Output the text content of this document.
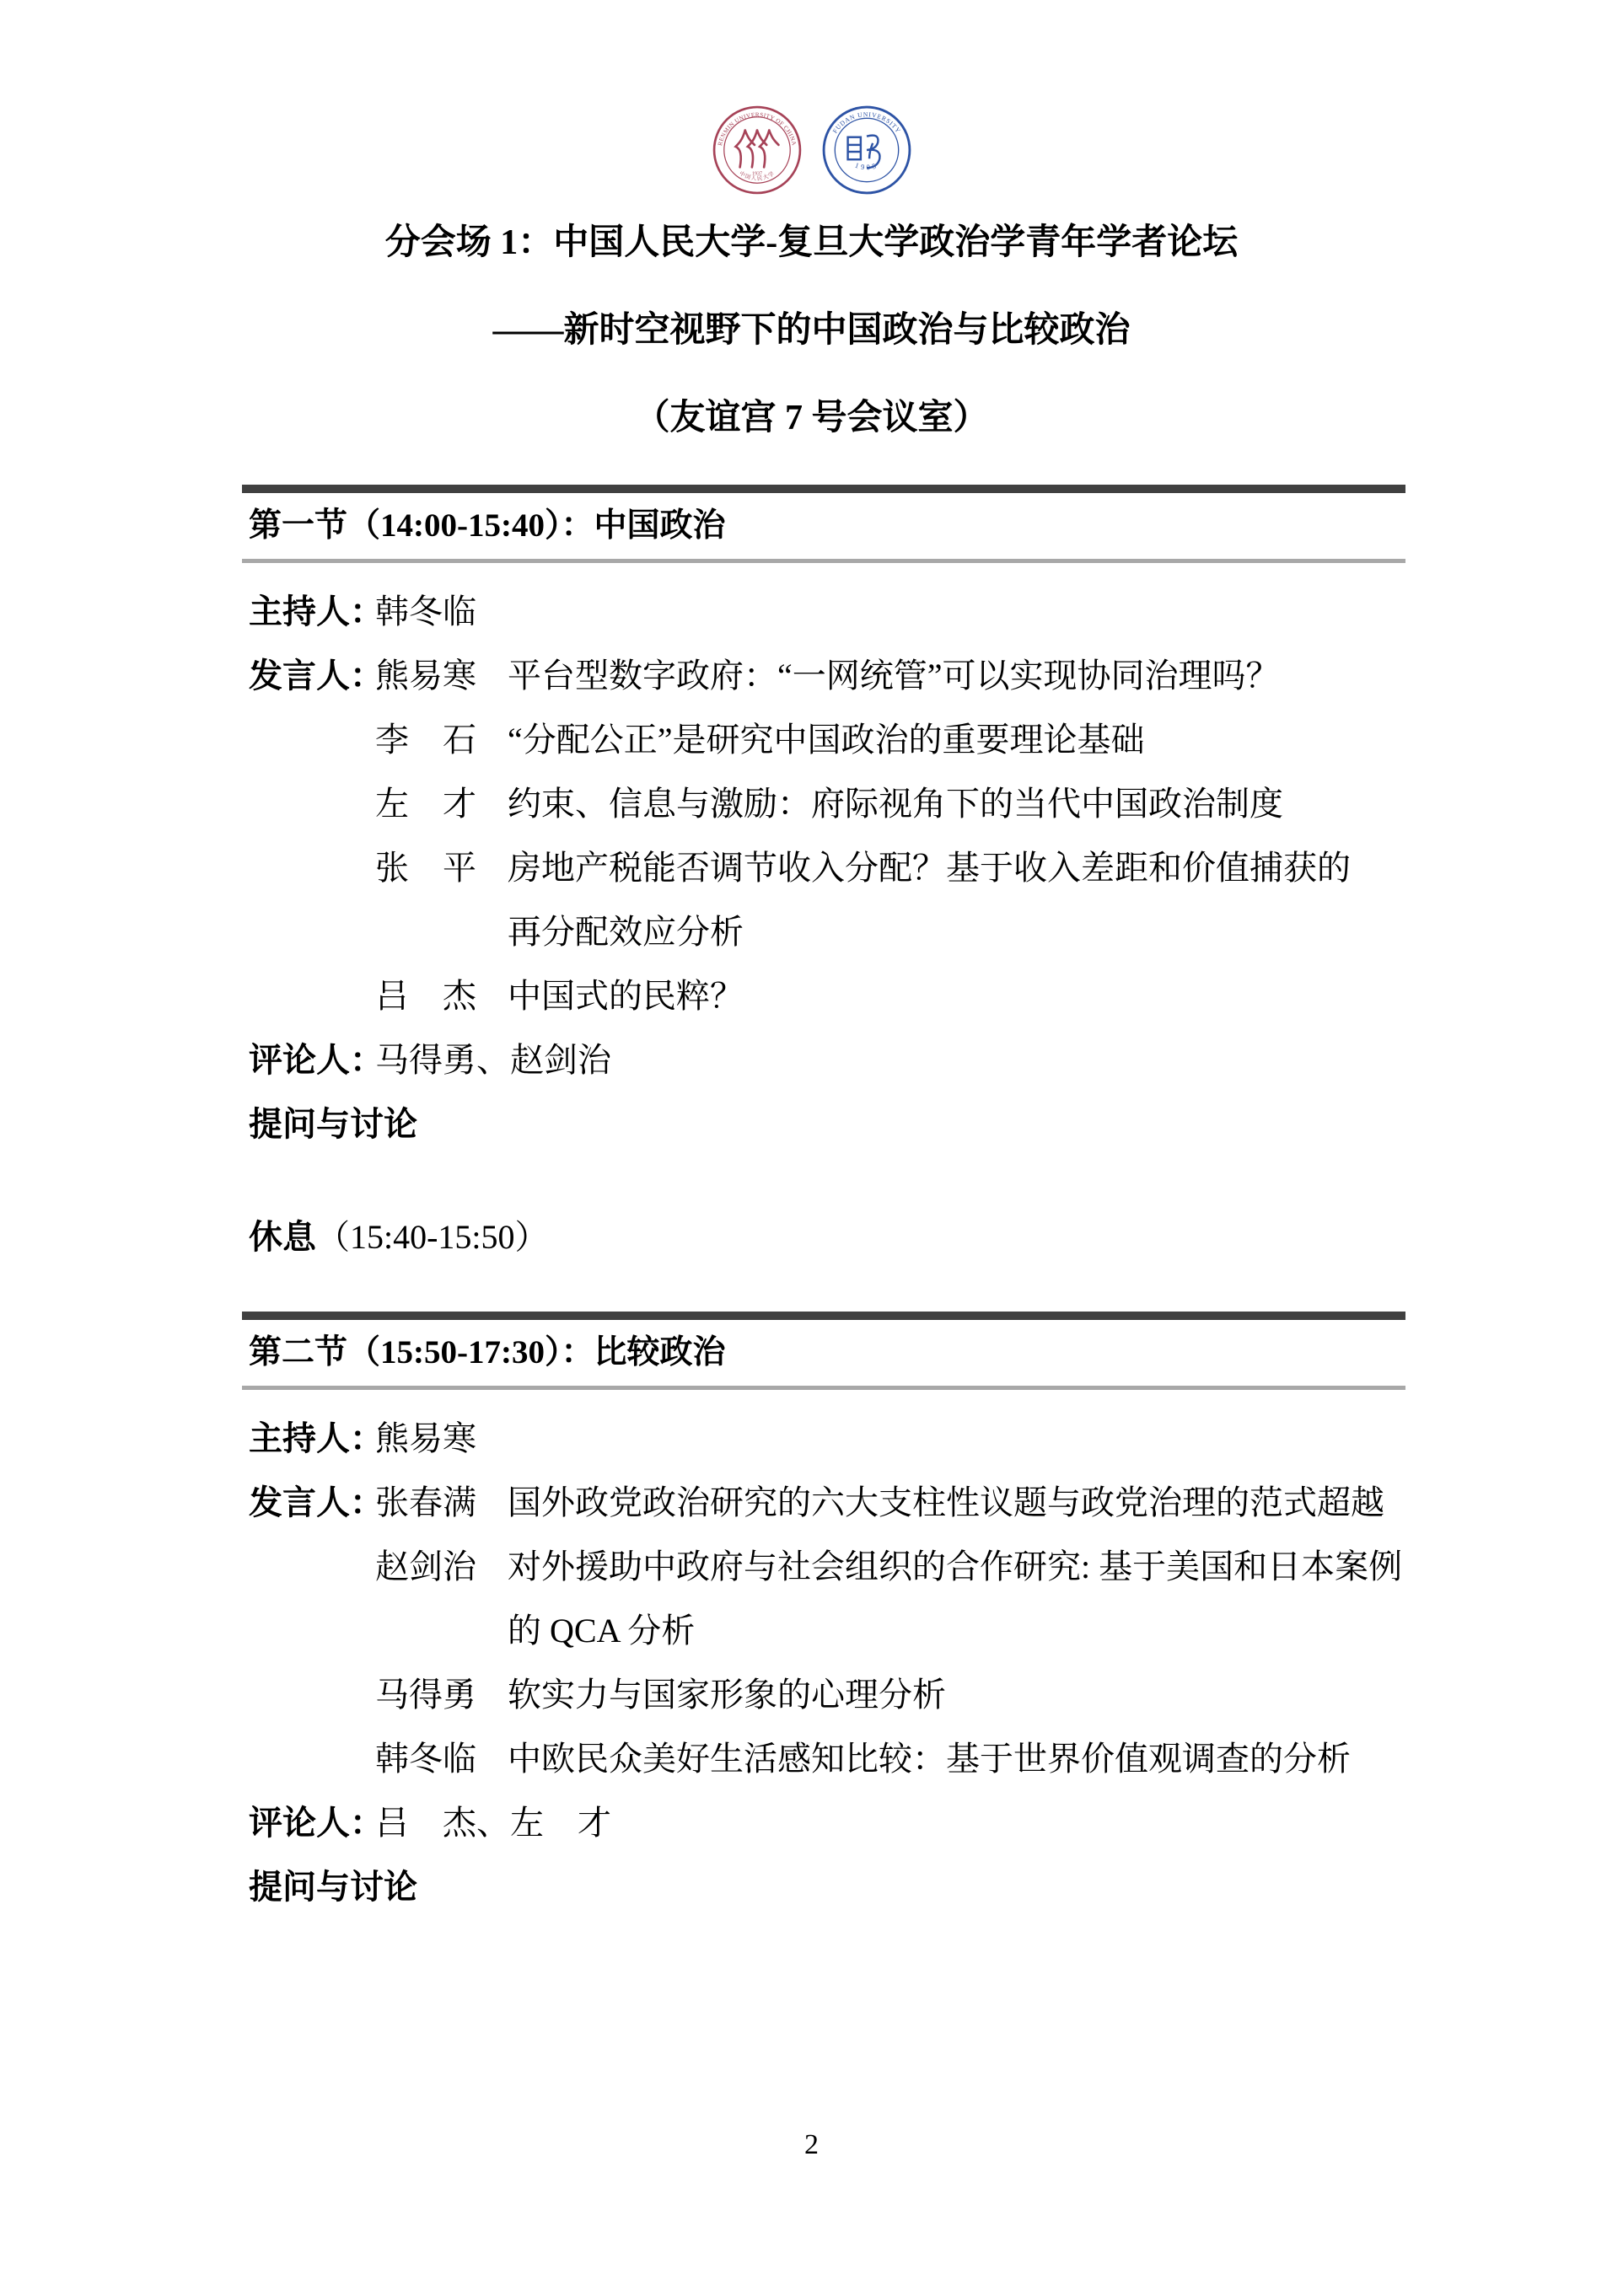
RENMIN UNIVERSITY OF CHINA
1937
中国人民大学
FUDAN UNIVERSITY
1905
分会场 1：中国人民大学-复旦大学政治学青年学者论坛
——新时空视野下的中国政治与比较政治
（友谊宫 7 号会议室）
第一节（14:00-15:40）：中国政治
主持人：
韩冬临
发言人：
熊易寒 平台型数字政府：“一网统管”可以实现协同治理吗？
李　石 “分配公正”是研究中国政治的重要理论基础
左　才 约束、信息与激励：府际视角下的当代中国政治制度
张　平 房地产税能否调节收入分配？基于收入差距和价值捕获的
再分配效应分析
吕　杰 中国式的民粹？
评论人：
马得勇、赵剑治
提问与讨论
休息（15:40-15:50）
第二节（15:50-17:30）：比较政治
主持人：
熊易寒
发言人：
张春满 国外政党政治研究的六大支柱性议题与政党治理的范式超越
赵剑治 对外援助中政府与社会组织的合作研究: 基于美国和日本案例
的 QCA 分析
马得勇 软实力与国家形象的心理分析
韩冬临 中欧民众美好生活感知比较：基于世界价值观调查的分析
评论人：
吕　杰、左　才
提问与讨论
2
